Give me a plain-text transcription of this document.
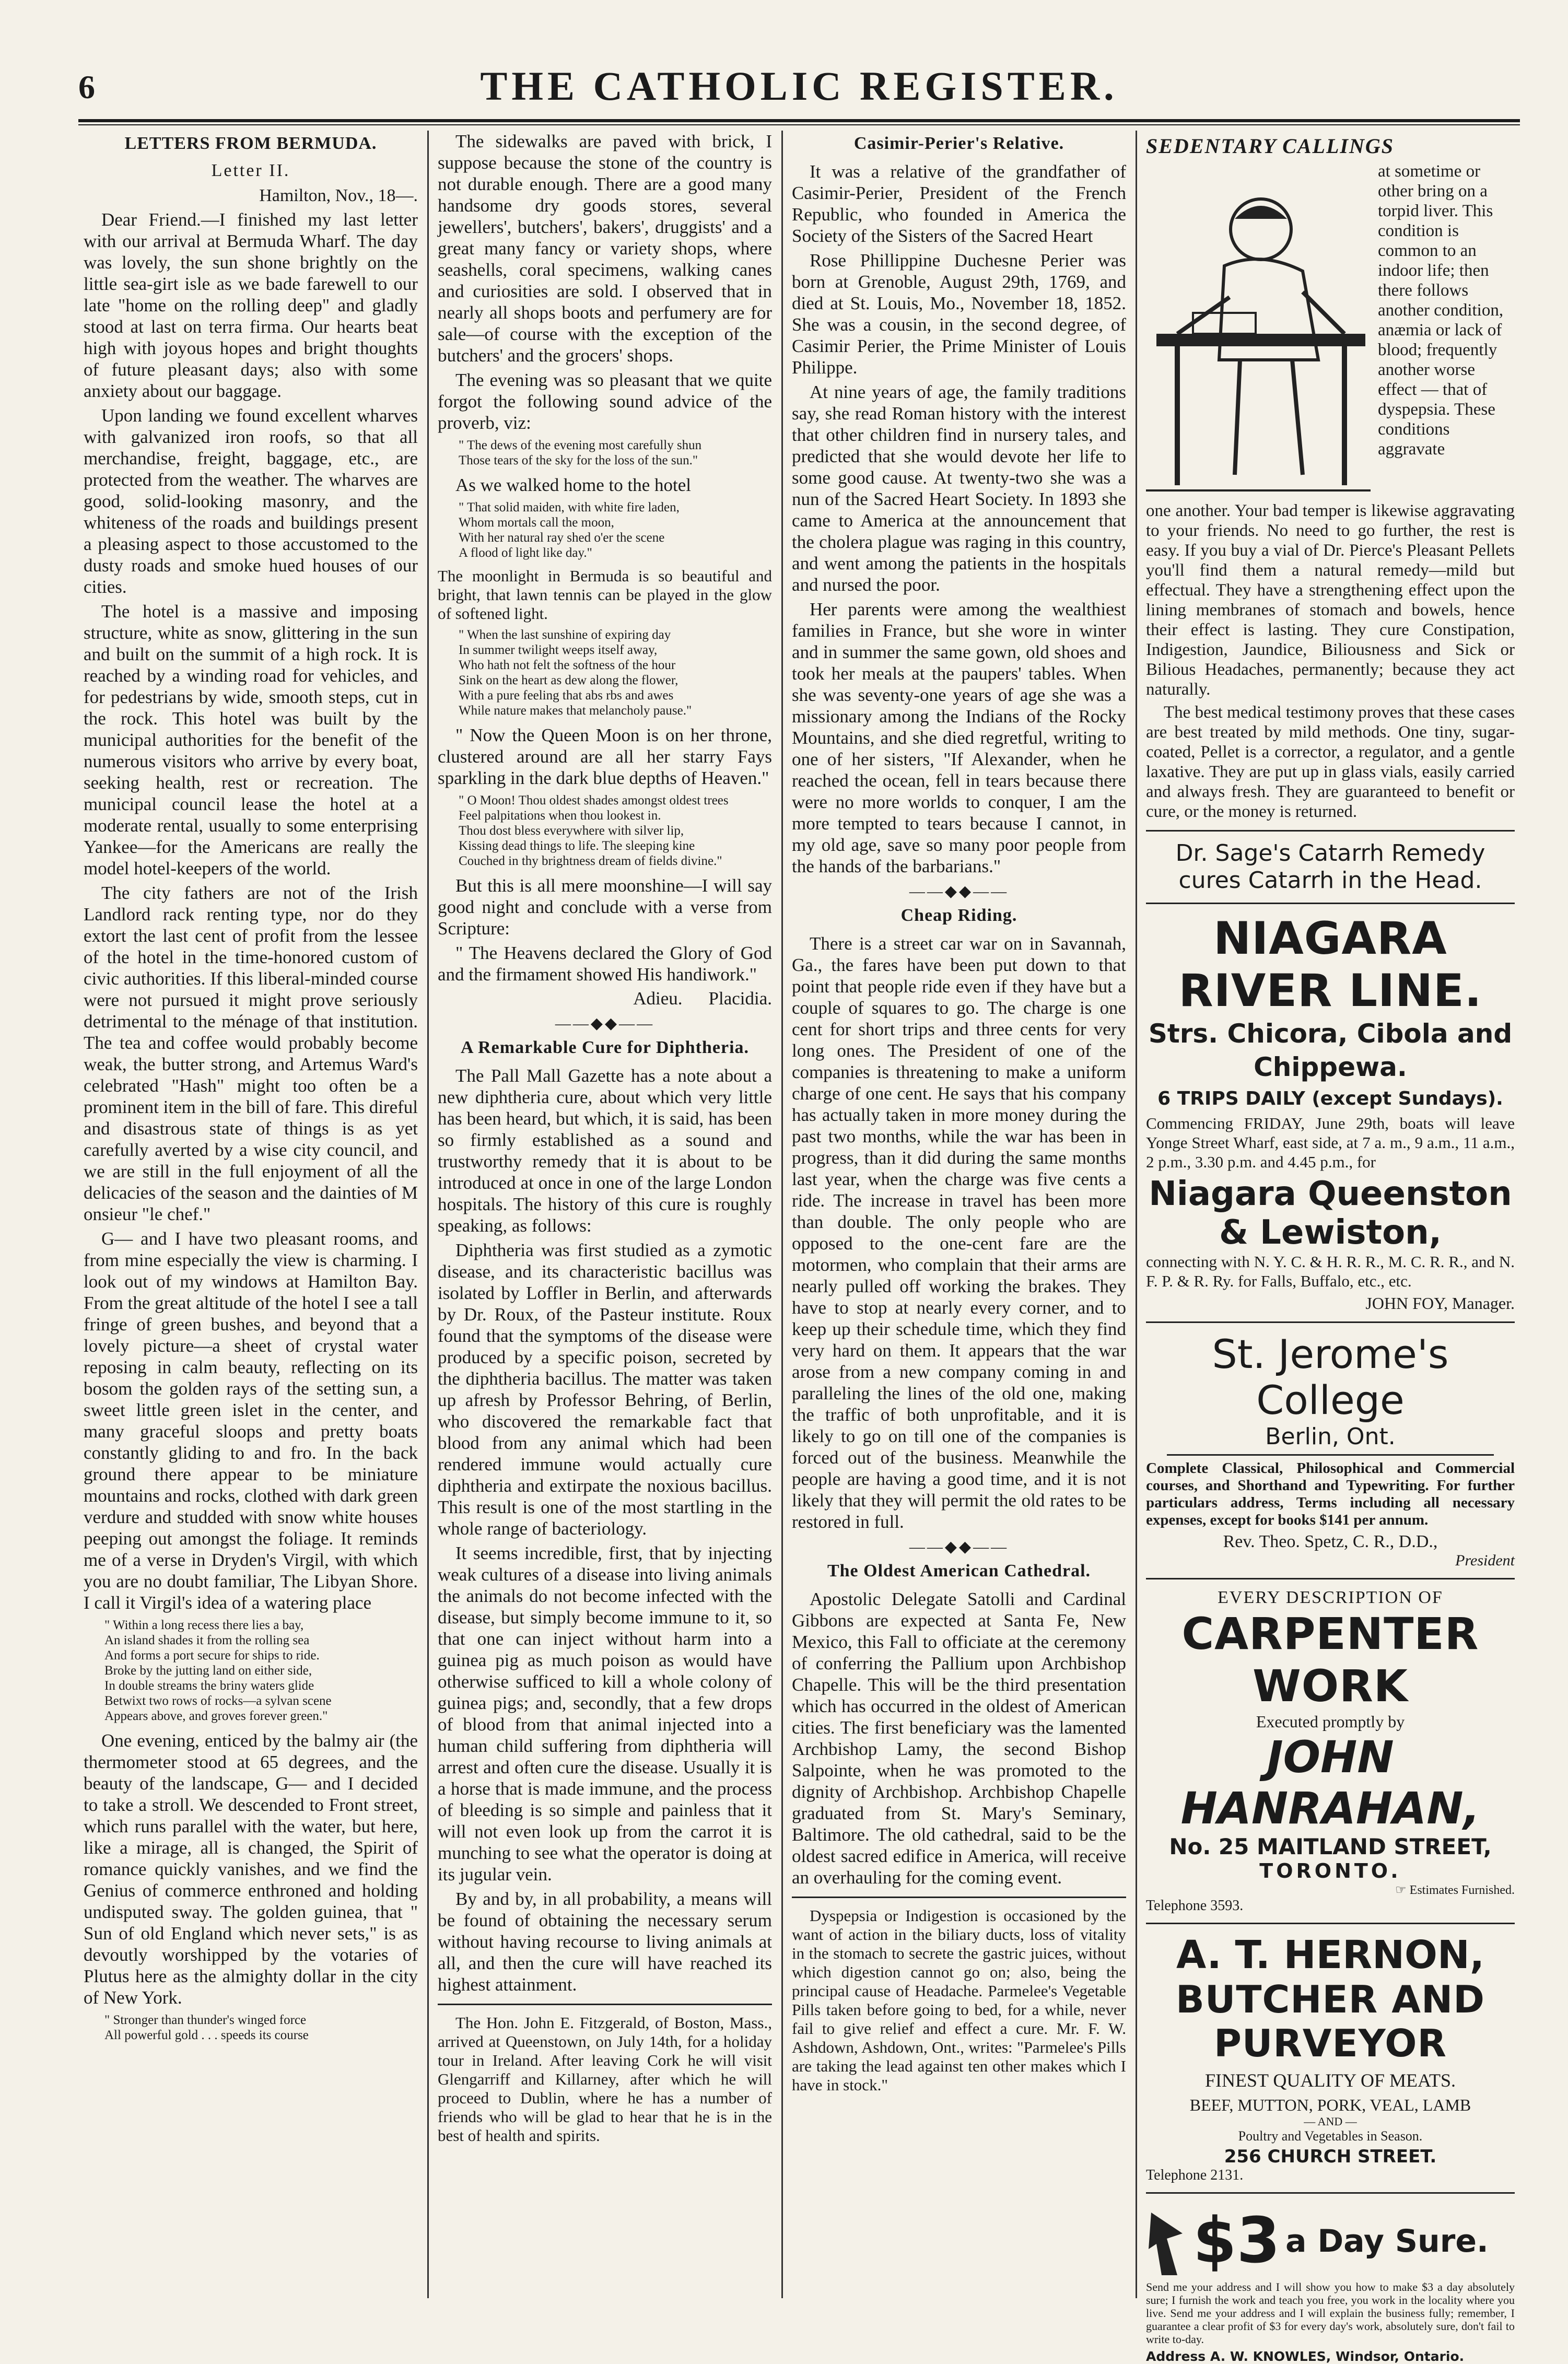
6	THE CATHOLIC REGISTER.
LETTERS FROM BERMUDA.
Letter II.
Hamilton, Nov., 18—.

Dear Friend.—I finished my last letter with our arrival at Bermuda Wharf. The day was lovely, the sun shone brightly on the little sea-girt isle as we bade farewell to our late "home on the rolling deep" and gladly stood at last on terra firma. Our hearts beat high with joyous hopes and bright thoughts of future pleasant days; also with some anxiety about our baggage.

Upon landing we found excellent wharves with galvanized iron roofs, so that all merchandise, freight, baggage, etc., are protected from the weather. The wharves are good, solid-looking masonry, and the whiteness of the roads and buildings present a pleasing aspect to those accustomed to the dusty roads and smoke hued houses of our cities.

The hotel is a massive and imposing structure, white as snow, glittering in the sun and built on the summit of a high rock. It is reached by a winding road for vehicles, and for pedestrians by wide, smooth steps, cut in the rock. This hotel was built by the municipal authorities for the benefit of the numerous visitors who arrive by every boat, seeking health, rest or recreation. The municipal council lease the hotel at a moderate rental, usually to some enterprising Yankee—for the Americans are really the model hotel-keepers of the world.

The city fathers are not of the Irish Landlord rack renting type, nor do they extort the last cent of profit from the lessee of the hotel in the time-honored custom of civic authorities. If this liberal-minded course were not pursued it might prove seriously detrimental to the ménage of that institution. The tea and coffee would probably become weak, the butter strong, and Artemus Ward's celebrated "Hash" might too often be a prominent item in the bill of fare. This direful and disastrous state of things is as yet carefully averted by a wise city council, and we are still in the full enjoyment of all the delicacies of the season and the dainties of M onsieur "le chef."

G— and I have two pleasant rooms, and from mine especially the view is charming. I look out of my windows at Hamilton Bay. From the great altitude of the hotel I see a tall fringe of green bushes, and beyond that a lovely picture—a sheet of crystal water reposing in calm beauty, reflecting on its bosom the golden rays of the setting sun, a sweet little green islet in the center, and many graceful sloops and pretty boats constantly gliding to and fro. In the back ground there appear to be miniature mountains and rocks, clothed with dark green verdure and studded with snow white houses peeping out amongst the foliage. It reminds me of a verse in Dryden's Virgil, with which you are no doubt familiar, The Libyan Shore. I call it Virgil's idea of a watering place

" Within a long recess there lies a bay,
An island shades it from the rolling sea
And forms a port secure for ships to ride.
Broke by the jutting land on either side,
In double streams the briny waters glide
Betwixt two rows of rocks—a sylvan scene
Appears above, and groves forever green."

One evening, enticed by the balmy air (the thermometer stood at 65 degrees, and the beauty of the landscape, G— and I decided to take a stroll. We descended to Front street, which runs parallel with the water, but here, like a mirage, all is changed, the Spirit of romance quickly vanishes, and we find the Genius of commerce enthroned and holding undisputed sway. The golden guinea, that " Sun of old England which never sets," is as devoutly worshipped by the votaries of Plutus here as the almighty dollar in the city of New York.

" Stronger than thunder's winged force
All powerful gold . . . speeds its course

The sidewalks are paved with brick, I suppose because the stone of the country is not durable enough. There are a good many handsome dry goods stores, several jewellers', butchers', bakers', druggists' and a great many fancy or variety shops, where seashells, coral specimens, walking canes and curiosities are sold. I observed that in nearly all shops boots and perfumery are for sale—of course with the exception of the butchers' and the grocers' shops.

The evening was so pleasant that we quite forgot the following sound advice of the proverb, viz:

" The dews of the evening most carefully shun
Those tears of the sky for the loss of the sun."

As we walked home to the hotel

" That solid maiden, with white fire laden,
Whom mortals call the moon,
With her natural ray shed o'er the scene
A flood of light like day."

The moonlight in Bermuda is so beautiful and bright, that lawn tennis can be played in the glow of softened light.

" When the last sunshine of expiring day
In summer twilight weeps itself away,
Who hath not felt the softness of the hour
Sink on the heart as dew along the flower,
With a pure feeling that abs rbs and awes
While nature makes that melancholy pause."

" Now the Queen Moon is on her throne, clustered around are all her starry Fays sparkling in the dark blue depths of Heaven."

" O Moon! Thou oldest shades amongst oldest trees
Feel palpitations when thou lookest in.
Thou dost bless everywhere with silver lip,
Kissing dead things to life. The sleeping kine
Couched in thy brightness dream of fields divine."

But this is all mere moonshine—I will say good night and conclude with a verse from Scripture:

" The Heavens declared the Glory of God and the firmament showed His handiwork."

Adieu. Placidia.
——◆◆——
A Remarkable Cure for Diphtheria.

The Pall Mall Gazette has a note about a new diphtheria cure, about which very little has been heard, but which, it is said, has been so firmly established as a sound and trustworthy remedy that it is about to be introduced at once in one of the large London hospitals. The history of this cure is roughly speaking, as follows:

Diphtheria was first studied as a zymotic disease, and its characteristic bacillus was isolated by Loffler in Berlin, and afterwards by Dr. Roux, of the Pasteur institute. Roux found that the symptoms of the disease were produced by a specific poison, secreted by the diphtheria bacillus. The matter was taken up afresh by Professor Behring, of Berlin, who discovered the remarkable fact that blood from any animal which had been rendered immune would actually cure diphtheria and extirpate the noxious bacillus. This result is one of the most startling in the whole range of bacteriology.

It seems incredible, first, that by injecting weak cultures of a disease into living animals the animals do not become infected with the disease, but simply become immune to it, so that one can inject without harm into a guinea pig as much poison as would have otherwise sufficed to kill a whole colony of guinea pigs; and, secondly, that a few drops of blood from that animal injected into a human child suffering from diphtheria will arrest and often cure the disease. Usually it is a horse that is made immune, and the process of bleeding is so simple and painless that it will not even look up from the carrot it is munching to see what the operator is doing at its jugular vein.

By and by, in all probability, a means will be found of obtaining the necessary serum without having recourse to living animals at all, and then the cure will have reached its highest attainment.

The Hon. John E. Fitzgerald, of Boston, Mass., arrived at Queenstown, on July 14th, for a holiday tour in Ireland. After leaving Cork he will visit Glengarriff and Killarney, after which he will proceed to Dublin, where he has a number of friends who will be glad to hear that he is in the best of health and spirits.

Casimir-Perier's Relative.

It was a relative of the grandfather of Casimir-Perier, President of the French Republic, who founded in America the Society of the Sisters of the Sacred Heart

Rose Phillippine Duchesne Perier was born at Grenoble, August 29th, 1769, and died at St. Louis, Mo., November 18, 1852. She was a cousin, in the second degree, of Casimir Perier, the Prime Minister of Louis Philippe.

At nine years of age, the family traditions say, she read Roman history with the interest that other children find in nursery tales, and predicted that she would devote her life to some good cause. At twenty-two she was a nun of the Sacred Heart Society. In 1893 she came to America at the announcement that the cholera plague was raging in this country, and went among the patients in the hospitals and nursed the poor.

Her parents were among the wealthiest families in France, but she wore in winter and in summer the same gown, old shoes and took her meals at the paupers' tables. When she was seventy-one years of age she was a missionary among the Indians of the Rocky Mountains, and she died regretful, writing to one of her sisters, "If Alexander, when he reached the ocean, fell in tears because there were no more worlds to conquer, I am the more tempted to tears because I cannot, in my old age, save so many poor people from the hands of the barbarians."

——◆◆——
Cheap Riding.

There is a street car war on in Savannah, Ga., the fares have been put down to that point that people ride even if they have but a couple of squares to go. The charge is one cent for short trips and three cents for very long ones. The President of one of the companies is threatening to make a uniform charge of one cent. He says that his company has actually taken in more money during the past two months, while the war has been in progress, than it did during the same months last year, when the charge was five cents a ride. The increase in travel has been more than double. The only people who are opposed to the one-cent fare are the motormen, who complain that their arms are nearly pulled off working the brakes. They have to stop at nearly every corner, and to keep up their schedule time, which they find very hard on them. It appears that the war arose from a new company coming in and paralleling the lines of the old one, making the traffic of both unprofitable, and it is likely to go on till one of the companies is forced out of the business. Meanwhile the people are having a good time, and it is not likely that they will permit the old rates to be restored in full.

——◆◆——
The Oldest American Cathedral.

Apostolic Delegate Satolli and Cardinal Gibbons are expected at Santa Fe, New Mexico, this Fall to officiate at the ceremony of conferring the Pallium upon Archbishop Chapelle. This will be the third presentation which has occurred in the oldest of American cities. The first beneficiary was the lamented Archbishop Lamy, the second Bishop Salpointe, when he was promoted to the dignity of Archbishop. Archbishop Chapelle graduated from St. Mary's Seminary, Baltimore. The old cathedral, said to be the oldest sacred edifice in America, will receive an overhauling for the coming event.

Dyspepsia or Indigestion is occasioned by the want of action in the biliary ducts, loss of vitality in the stomach to secrete the gastric juices, without which digestion cannot go on; also, being the principal cause of Headache. Parmelee's Vegetable Pills taken before going to bed, for a while, never fail to give relief and effect a cure. Mr. F. W. Ashdown, Ashdown, Ont., writes: "Parmelee's Pills are taking the lead against ten other makes which I have in stock."

SEDENTARY CALLINGS
at sometime or other bring on a torpid liver. This condition is common to an indoor life; then there follows another condition, anæmia or lack of blood; frequently another worse effect — that of dyspepsia. These conditions aggravate

one another. Your bad temper is likewise aggravating to your friends. No need to go further, the rest is easy. If you buy a vial of Dr. Pierce's Pleasant Pellets you'll find them a natural remedy—mild but effectual. They have a strengthening effect upon the lining membranes of stomach and bowels, hence their effect is lasting. They cure Constipation, Indigestion, Jaundice, Biliousness and Sick or Bilious Headaches, permanently; because they act naturally.

The best medical testimony proves that these cases are best treated by mild methods. One tiny, sugar-coated, Pellet is a corrector, a regulator, and a gentle laxative. They are put up in glass vials, easily carried and always fresh. They are guaranteed to benefit or cure, or the money is returned.

Dr. Sage's Catarrh Remedy cures Catarrh in the Head.
NIAGARA RIVER LINE.
Strs. Chicora, Cibola and Chippewa.
6 TRIPS DAILY (except Sundays).

Commencing FRIDAY, June 29th, boats will leave Yonge Street Wharf, east side, at 7 a. m., 9 a.m., 11 a.m., 2 p.m., 3.30 p.m. and 4.45 p.m., for

Niagara Queenston & Lewiston,

connecting with N. Y. C. & H. R. R., M. C. R. R., and N. F. P. & R. Ry. for Falls, Buffalo, etc., etc.

JOHN FOY, Manager.
St. Jerome's College
Berlin, Ont.

Complete Classical, Philosophical and Commercial courses, and Shorthand and Typewriting. For further particulars address, Terms including all necessary expenses, except for books $141 per annum.

Rev. Theo. Spetz, C. R., D.D.,
President
EVERY DESCRIPTION OF
CARPENTER WORK
Executed promptly by
JOHN HANRAHAN,
No. 25 MAITLAND STREET,
TORONTO.
☞ Estimates Furnished.
Telephone 3593.
A. T. HERNON,
BUTCHER AND PURVEYOR
FINEST QUALITY OF MEATS.
BEEF, MUTTON, PORK, VEAL, LAMB
— AND —
Poultry and Vegetables in Season.
256 CHURCH STREET.
Telephone 2131.
$3 a Day Sure.

Send me your address and I will show you how to make $3 a day absolutely sure; I furnish the work and teach you free, you work in the locality where you live. Send me your address and I will explain the business fully; remember, I guarantee a clear profit of $3 for every day's work, absolutely sure, don't fail to write to-day.

Address A. W. KNOWLES, Windsor, Ontario.
